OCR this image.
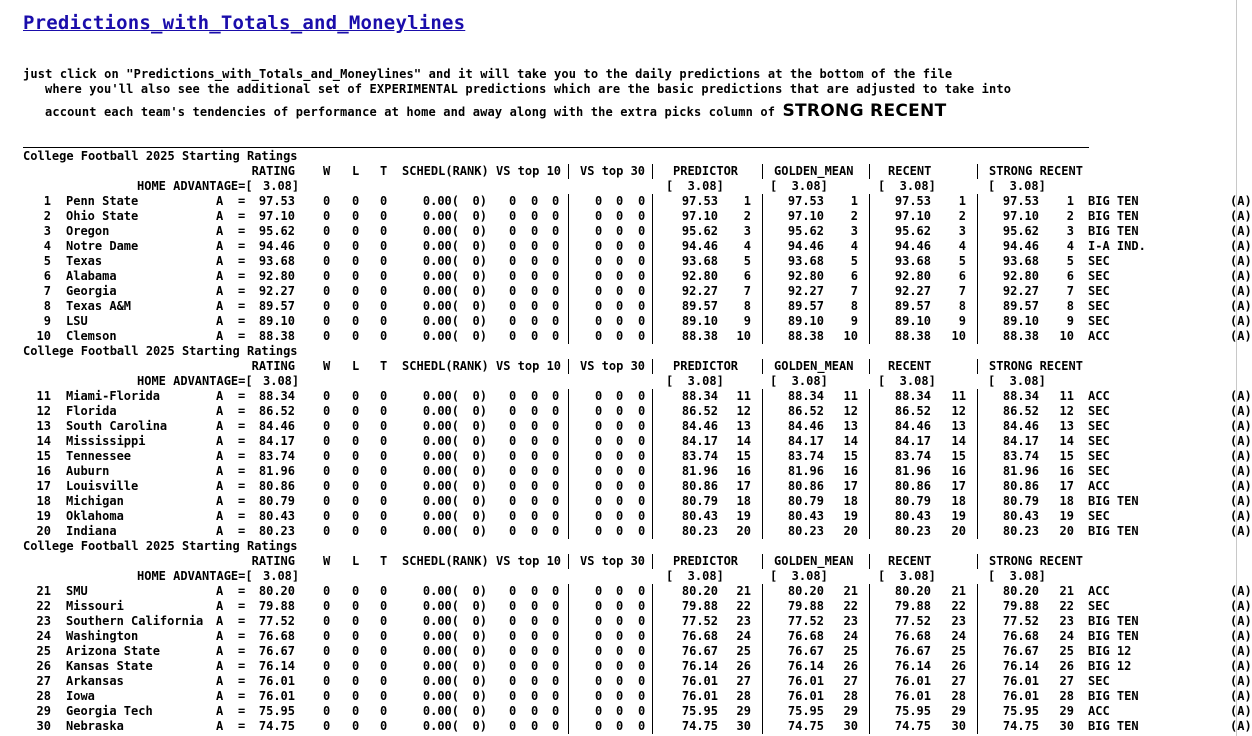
Predictions_with_Totals_and_Moneylines
just click on "Predictions_with_Totals_and_Moneylines" and it will take you to the daily predictions at the bottom of the file
where you'll also see the additional set of EXPERIMENTAL predictions which are the basic predictions that are adjusted to take into
account each team's tendencies of performance at home and away along with the extra picks column of STRONG RECENT
College Football 2025 Starting Ratings
RATING W L T SCHEDL(RANK) VS top 10 VS top 30 PREDICTOR	GOLDEN_MEAN	RECENT	STRONG RECENT
HOME ADVANTAGE=[ 3.08]	[  3.08]	[  3.08]	[  3.08]	[  3.08]
1 Penn State	A =	97.53 0 0 0	0.00(	0) 0 0 0	0 0 0	97.53	1	97.53	1	97.53	1	97.53	1 BIG TEN	(A)
2 Ohio State	A =	97.10 0 0 0	0.00(	0) 0 0 0	0 0 0	97.10	2	97.10	2	97.10	2	97.10	2 BIG TEN	(A)
3 Oregon	A =	95.62 0 0 0	0.00(	0) 0 0 0	0 0 0	95.62	3	95.62	3	95.62	3	95.62	3 BIG TEN	(A)
4 Notre Dame	A =	94.46 0 0 0	0.00(	0) 0 0 0	0 0 0	94.46	4	94.46	4	94.46	4	94.46	4 I-A IND.	(A)
5 Texas	A =	93.68 0 0 0	0.00(	0) 0 0 0	0 0 0	93.68	5	93.68	5	93.68	5	93.68	5 SEC	(A)
6 Alabama	A =	92.80 0 0 0	0.00(	0) 0 0 0	0 0 0	92.80	6	92.80	6	92.80	6	92.80	6 SEC	(A)
7 Georgia	A =	92.27 0 0 0	0.00(	0) 0 0 0	0 0 0	92.27	7	92.27	7	92.27	7	92.27	7 SEC	(A)
8 Texas A&M	A =	89.57 0 0 0	0.00(	0) 0 0 0	0 0 0	89.57	8	89.57	8	89.57	8	89.57	8 SEC	(A)
9 LSU	A =	89.10 0 0 0	0.00(	0) 0 0 0	0 0 0	89.10	9	89.10	9	89.10	9	89.10	9 SEC	(A)
10 Clemson	A =	88.38 0 0 0	0.00(	0) 0 0 0	0 0 0	88.38	10	88.38	10	88.38	10	88.38	10 ACC	(A)
College Football 2025 Starting Ratings
RATING W L T SCHEDL(RANK) VS top 10 VS top 30 PREDICTOR	GOLDEN_MEAN	RECENT	STRONG RECENT
HOME ADVANTAGE=[ 3.08]	[  3.08]	[  3.08]	[  3.08]	[  3.08]
11 Miami-Florida	A =	88.34 0 0 0	0.00(	0) 0 0 0	0 0 0	88.34	11	88.34	11	88.34	11	88.34	11 ACC	(A)
12 Florida	A =	86.52 0 0 0	0.00(	0) 0 0 0	0 0 0	86.52	12	86.52	12	86.52	12	86.52	12 SEC	(A)
13 South Carolina	A =	84.46 0 0 0	0.00(	0) 0 0 0	0 0 0	84.46	13	84.46	13	84.46	13	84.46	13 SEC	(A)
14 Mississippi	A =	84.17 0 0 0	0.00(	0) 0 0 0	0 0 0	84.17	14	84.17	14	84.17	14	84.17	14 SEC	(A)
15 Tennessee	A =	83.74 0 0 0	0.00(	0) 0 0 0	0 0 0	83.74	15	83.74	15	83.74	15	83.74	15 SEC	(A)
16 Auburn	A =	81.96 0 0 0	0.00(	0) 0 0 0	0 0 0	81.96	16	81.96	16	81.96	16	81.96	16 SEC	(A)
17 Louisville	A =	80.86 0 0 0	0.00(	0) 0 0 0	0 0 0	80.86	17	80.86	17	80.86	17	80.86	17 ACC	(A)
18 Michigan	A =	80.79 0 0 0	0.00(	0) 0 0 0	0 0 0	80.79	18	80.79	18	80.79	18	80.79	18 BIG TEN	(A)
19 Oklahoma	A =	80.43 0 0 0	0.00(	0) 0 0 0	0 0 0	80.43	19	80.43	19	80.43	19	80.43	19 SEC	(A)
20 Indiana	A =	80.23 0 0 0	0.00(	0) 0 0 0	0 0 0	80.23	20	80.23	20	80.23	20	80.23	20 BIG TEN	(A)
College Football 2025 Starting Ratings
RATING W L T SCHEDL(RANK) VS top 10 VS top 30 PREDICTOR	GOLDEN_MEAN	RECENT	STRONG RECENT
HOME ADVANTAGE=[ 3.08]	[  3.08]	[  3.08]	[  3.08]	[  3.08]
21 SMU	A =	80.20 0 0 0	0.00(	0) 0 0 0	0 0 0	80.20	21	80.20	21	80.20	21	80.20	21 ACC	(A)
22 Missouri	A =	79.88 0 0 0	0.00(	0) 0 0 0	0 0 0	79.88	22	79.88	22	79.88	22	79.88	22 SEC	(A)
23 Southern California A =	77.52 0 0 0	0.00(	0) 0 0 0	0 0 0	77.52	23	77.52	23	77.52	23	77.52	23 BIG TEN	(A)
24 Washington	A =	76.68 0 0 0	0.00(	0) 0 0 0	0 0 0	76.68	24	76.68	24	76.68	24	76.68	24 BIG TEN	(A)
25 Arizona State	A =	76.67 0 0 0	0.00(	0) 0 0 0	0 0 0	76.67	25	76.67	25	76.67	25	76.67	25 BIG 12	(A)
26 Kansas State	A =	76.14 0 0 0	0.00(	0) 0 0 0	0 0 0	76.14	26	76.14	26	76.14	26	76.14	26 BIG 12	(A)
27 Arkansas	A =	76.01 0 0 0	0.00(	0) 0 0 0	0 0 0	76.01	27	76.01	27	76.01	27	76.01	27 SEC	(A)
28 Iowa	A =	76.01 0 0 0	0.00(	0) 0 0 0	0 0 0	76.01	28	76.01	28	76.01	28	76.01	28 BIG TEN	(A)
29 Georgia Tech	A =	75.95 0 0 0	0.00(	0) 0 0 0	0 0 0	75.95	29	75.95	29	75.95	29	75.95	29 ACC	(A)
30 Nebraska	A =	74.75 0 0 0	0.00(	0) 0 0 0	0 0 0	74.75	30	74.75	30	74.75	30	74.75	30 BIG TEN	(A)
